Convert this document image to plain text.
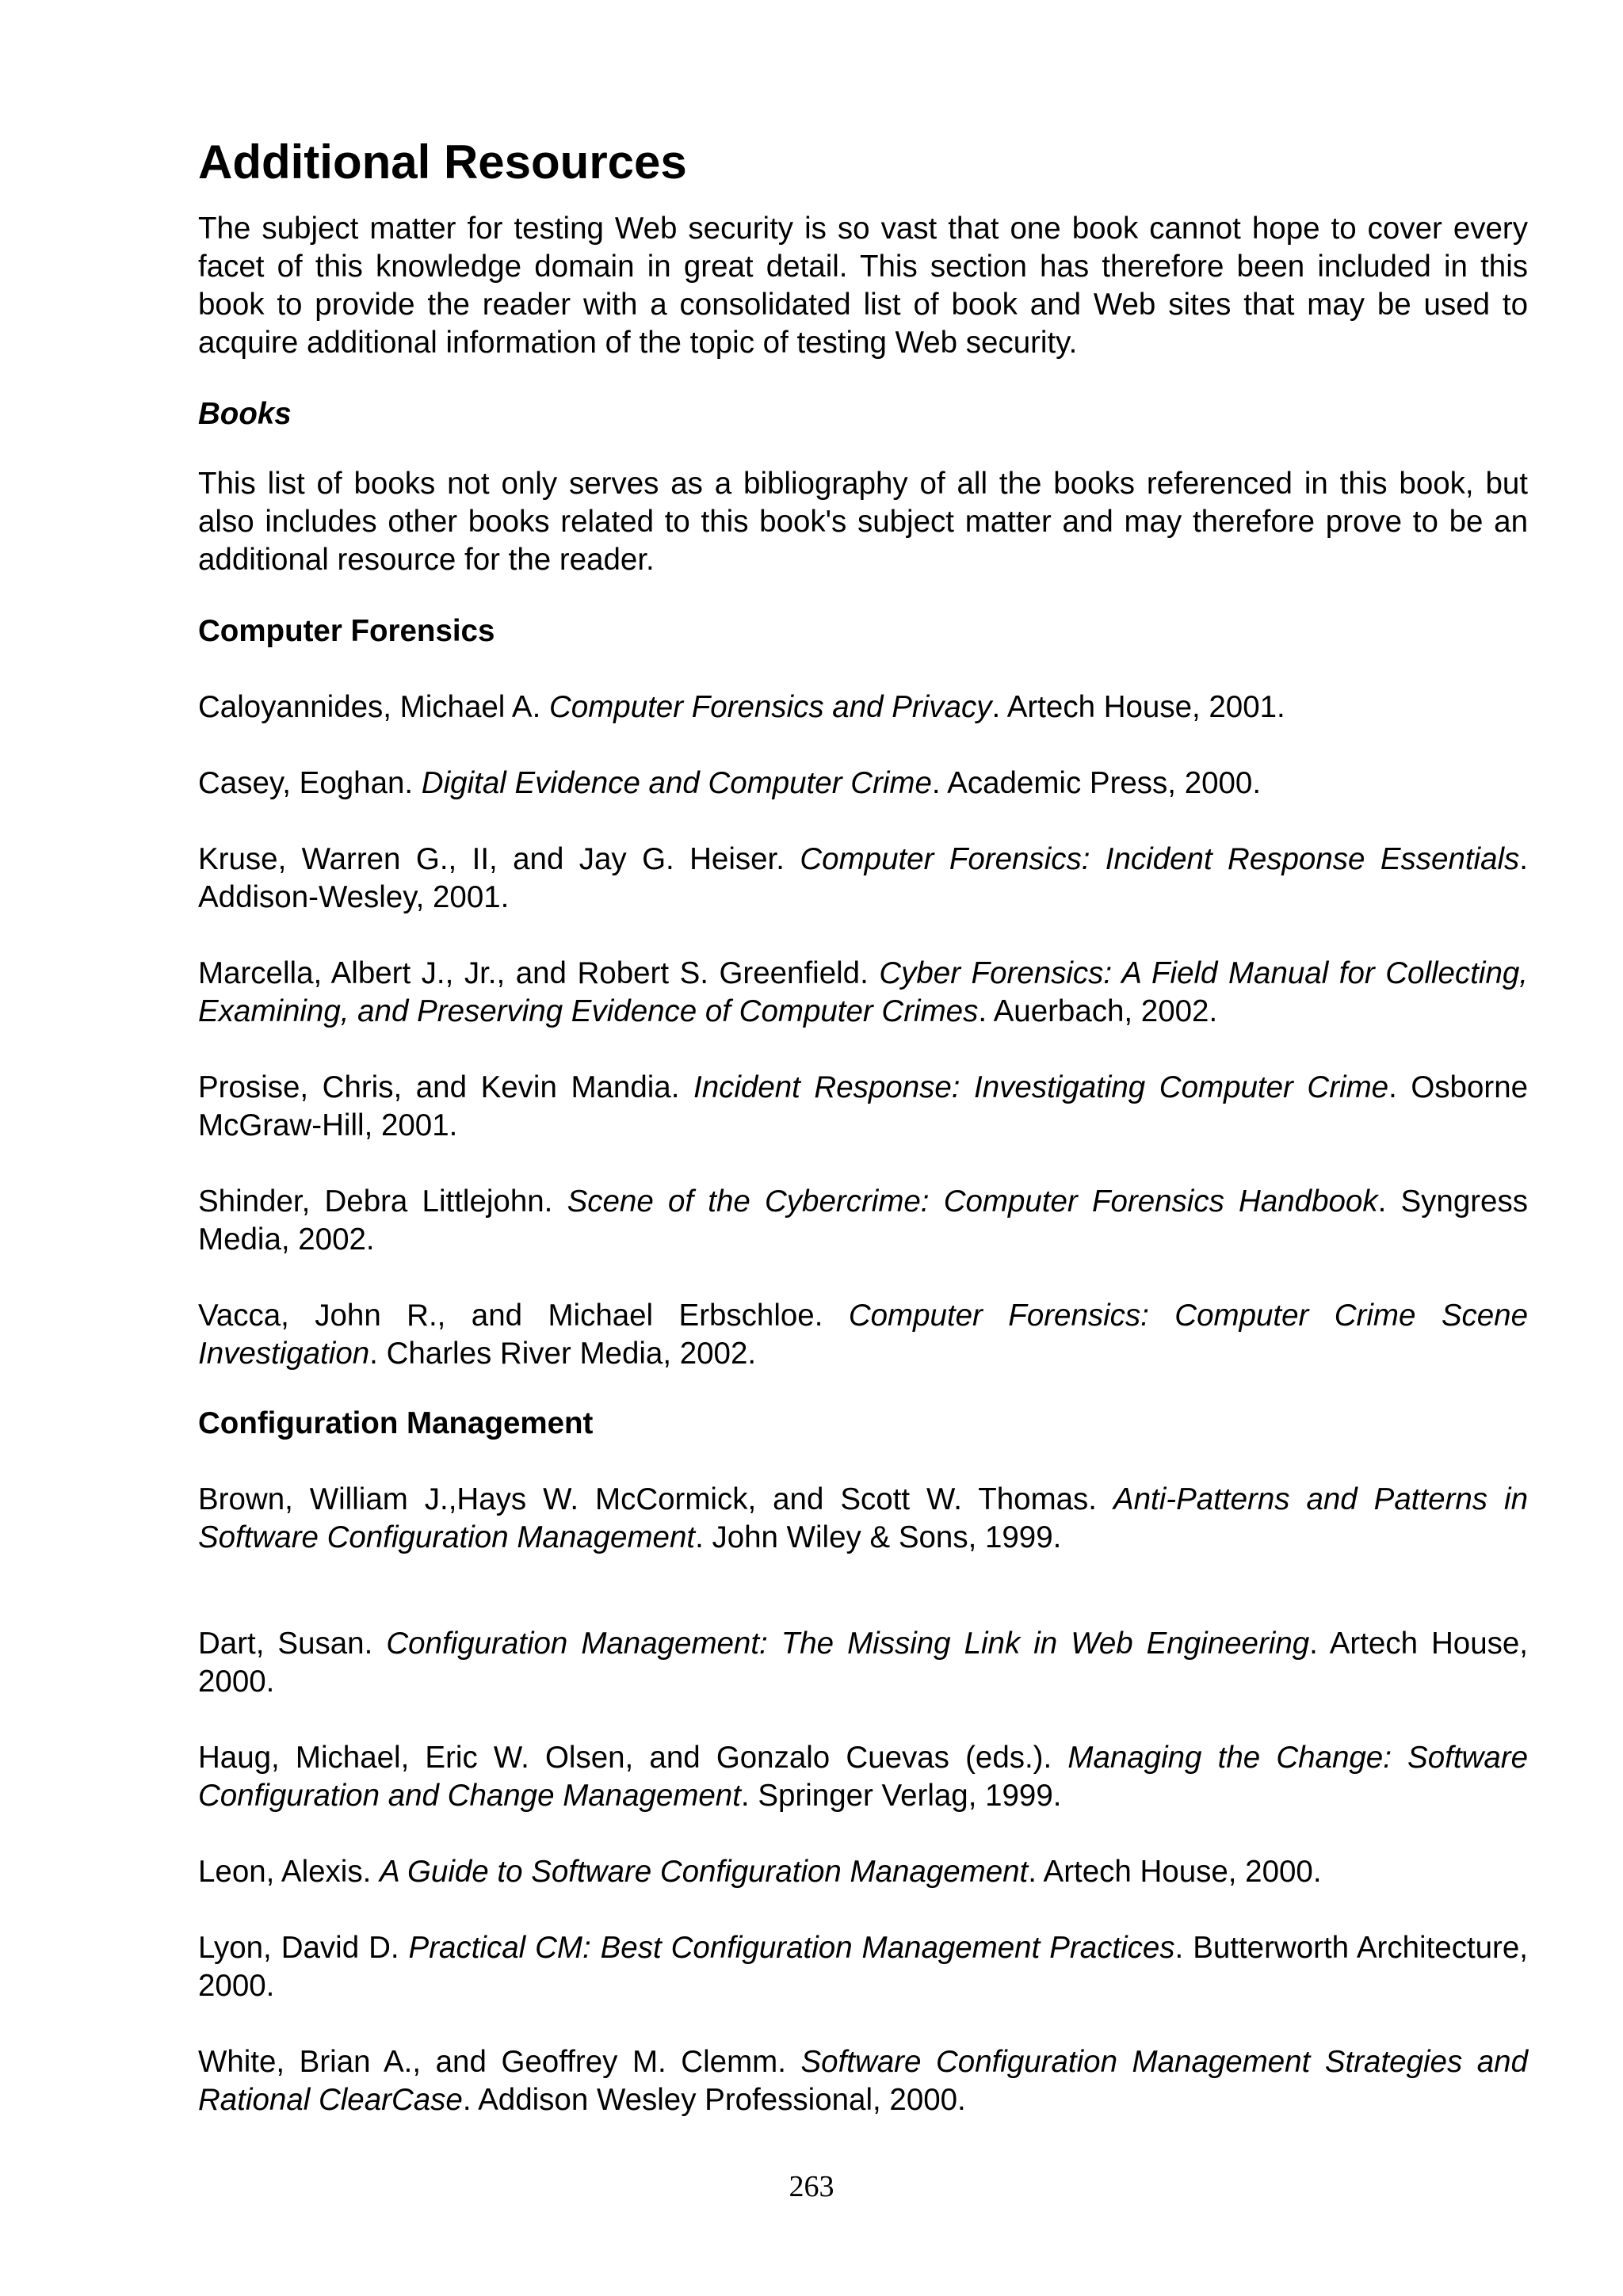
Additional Resources

The subject matter for testing Web security is so vast that one book cannot hope to cover every facet of this knowledge domain in great detail. This section has therefore been included in this book to provide the reader with a consolidated list of book and Web sites that may be used to acquire additional information of the topic of testing Web security.

Books

This list of books not only serves as a bibliography of all the books referenced in this book, but also includes other books related to this book's subject matter and may therefore prove to be an additional resource for the reader.

Computer Forensics

Caloyannides, Michael A. Computer Forensics and Privacy. Artech House, 2001.

Casey, Eoghan. Digital Evidence and Computer Crime. Academic Press, 2000.

Kruse, Warren G., II, and Jay G. Heiser. Computer Forensics: Incident Response Essentials. Addison-Wesley, 2001.

Marcella, Albert J., Jr., and Robert S. Greenfield. Cyber Forensics: A Field Manual for Collecting, Examining, and Preserving Evidence of Computer Crimes. Auerbach, 2002.

Prosise, Chris, and Kevin Mandia. Incident Response: Investigating Computer Crime. Osborne McGraw-Hill, 2001.

Shinder, Debra Littlejohn. Scene of the Cybercrime: Computer Forensics Handbook. Syngress Media, 2002.

Vacca, John R., and Michael Erbschloe. Computer Forensics: Computer Crime Scene Investigation. Charles River Media, 2002.

Configuration Management

Brown, William J.,Hays W. McCormick, and Scott W. Thomas. Anti-Patterns and Patterns in Software Configuration Management. John Wiley & Sons, 1999.

Dart, Susan. Configuration Management: The Missing Link in Web Engineering. Artech House, 2000.

Haug, Michael, Eric W. Olsen, and Gonzalo Cuevas (eds.). Managing the Change: Software Configuration and Change Management. Springer Verlag, 1999.

Leon, Alexis. A Guide to Software Configuration Management. Artech House, 2000.

Lyon, David D. Practical CM: Best Configuration Management Practices. Butterworth Architecture, 2000.

White, Brian A., and Geoffrey M. Clemm. Software Configuration Management Strategies and Rational ClearCase. Addison Wesley Professional, 2000.

263
